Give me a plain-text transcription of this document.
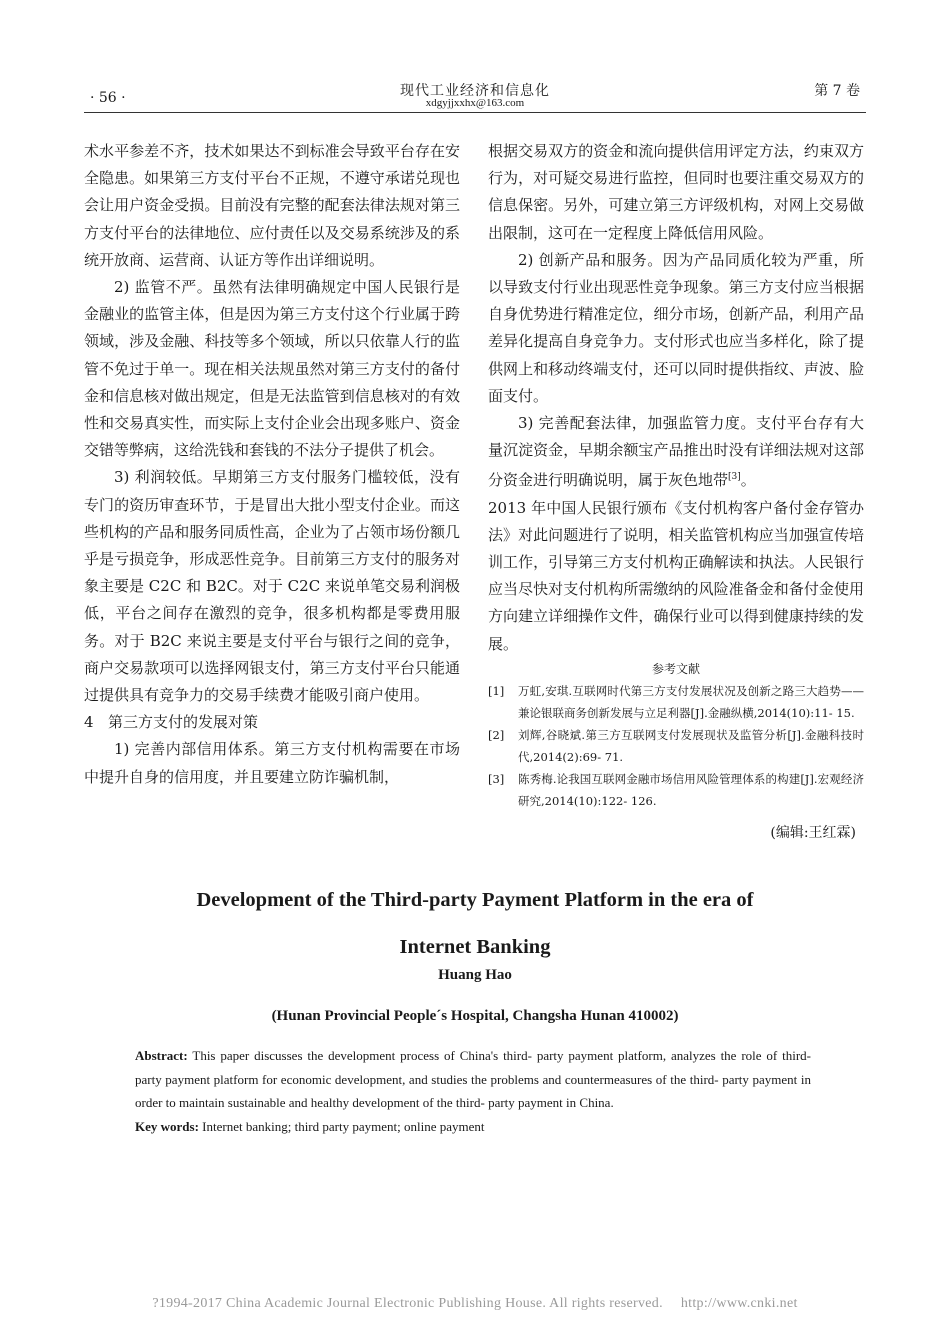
· 56 ·	现代工业经济和信息化
xdgyjjxxhx@163.com
第 7 卷

术水平参差不齐，技术如果达不到标准会导致平台存在安全隐患。如果第三方支付平台不正规，不遵守承诺兑现也会让用户资金受损。目前没有完整的配套法律法规对第三方支付平台的法律地位、应付责任以及交易系统涉及的系统开放商、运营商、认证方等作出详细说明。

2) 监管不严。虽然有法律明确规定中国人民银行是金融业的监管主体，但是因为第三方支付这个行业属于跨领域，涉及金融、科技等多个领域，所以只依靠人行的监管不免过于单一。现在相关法规虽然对第三方支付的备付金和信息核对做出规定，但是无法监管到信息核对的有效性和交易真实性，而实际上支付企业会出现多账户、资金交错等弊病，这给洗钱和套钱的不法分子提供了机会。

3) 利润较低。早期第三方支付服务门槛较低，没有专门的资历审查环节，于是冒出大批小型支付企业。而这些机构的产品和服务同质性高，企业为了占领市场份额几乎是亏损竞争，形成恶性竞争。目前第三方支付的服务对象主要是 C2C 和 B2C。对于 C2C 来说单笔交易利润极低，平台之间存在激烈的竞争，很多机构都是零费用服务。对于 B2C 来说主要是支付平台与银行之间的竞争，商户交易款项可以选择网银支付，第三方支付平台只能通过提供具有竞争力的交易手续费才能吸引商户使用。

4 第三方支付的发展对策

1) 完善内部信用体系。第三方支付机构需要在市场中提升自身的信用度，并且要建立防诈骗机制，

根据交易双方的资金和流向提供信用评定方法，约束双方行为，对可疑交易进行监控，但同时也要注重交易双方的信息保密。另外，可建立第三方评级机构，对网上交易做出限制，这可在一定程度上降低信用风险。

2) 创新产品和服务。因为产品同质化较为严重，所以导致支付行业出现恶性竞争现象。第三方支付应当根据自身优势进行精准定位，细分市场，创新产品，利用产品差异化提高自身竞争力。支付形式也应当多样化，除了提供网上和移动终端支付，还可以同时提供指纹、声波、脸面支付。

3) 完善配套法律，加强监管力度。支付平台存有大量沉淀资金，早期余额宝产品推出时没有详细法规对这部分资金进行明确说明，属于灰色地带[3]。

2013 年中国人民银行颁布《支付机构客户备付金存管办法》对此问题进行了说明，相关监管机构应当加强宣传培训工作，引导第三方支付机构正确解读和执法。人民银行应当尽快对支付机构所需缴纳的风险准备金和备付金使用方向建立详细操作文件，确保行业可以得到健康持续的发展。

参考文献

[1] 万虹,安琪.互联网时代第三方支付发展状况及创新之路三大趋势——兼论银联商务创新发展与立足利器[J].金融纵横,2014(10):11- 15.
[2] 刘辉,谷晓斌.第三方互联网支付发展现状及监管分析[J].金融科技时代,2014(2):69- 71.
[3] 陈秀梅.论我国互联网金融市场信用风险管理体系的构建[J].宏观经济研究,2014(10):122- 126.
(编辑:王红霖)
Development of the Third-party Payment Platform in the era of
Internet Banking
Huang Hao
(Hunan Provincial People´s Hospital, Changsha Hunan 410002)

Abstract: This paper discusses the development process of China's third- party payment platform, analyzes the role of third- party payment platform for economic development, and studies the problems and countermeasures of the third- party payment in order to maintain sustainable and healthy development of the third- party payment in China.

Key words: Internet banking; third party payment; online payment

?1994-2017 China Academic Journal Electronic Publishing House. All rights reserved. http://www.cnki.net
